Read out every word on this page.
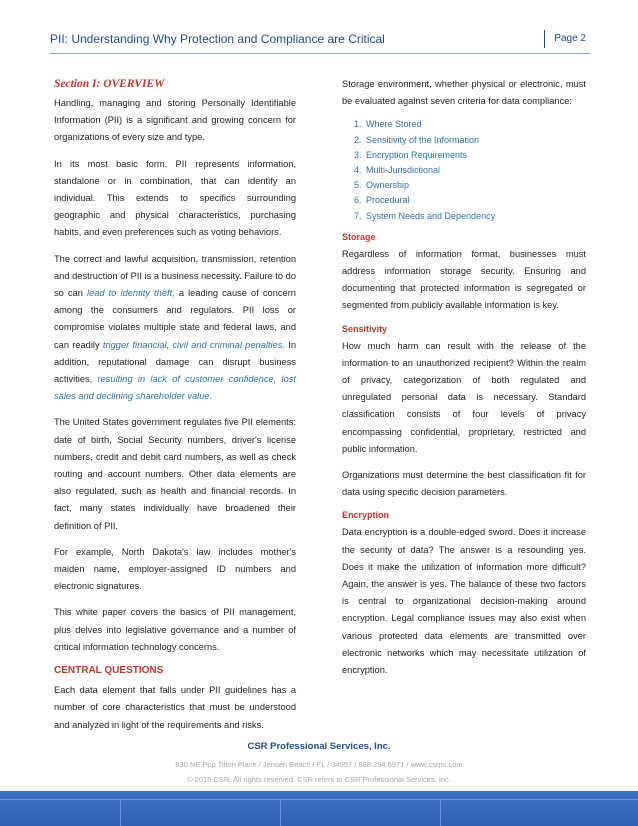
PII: Understanding Why Protection and Compliance are Critical	Page 2
Section I: OVERVIEW

Handling, managing and storing Personally Identifiable Information (PII) is a significant and growing concern for organizations of every size and type.

In its most basic form, PII represents information, standalone or in combination, that can identify an individual. This extends to specifics surrounding geographic and physical characteristics, purchasing habits, and even preferences such as voting behaviors.

The correct and lawful acquisition, transmission, retention and destruction of PII is a business necessity. Failure to do so can lead to identity theft, a leading cause of concern among the consumers and regulators. PII loss or compromise violates multiple state and federal laws, and can readily trigger financial, civil and criminal penalties. In addition, reputational damage can disrupt business activities, resulting in lack of customer confidence, lost sales and declining shareholder value.

The United States government regulates five PII elements: date of birth, Social Security numbers, driver's license numbers, credit and debit card numbers, as well as check routing and account numbers. Other data elements are also regulated, such as health and financial records. In fact, many states individually have broadened their definition of PII.

For example, North Dakota's law includes mother's maiden name, employer-assigned ID numbers and electronic signatures.

This white paper covers the basics of PII management, plus delves into legislative governance and a number of critical information technology concerns.

CENTRAL QUESTIONS

Each data element that falls under PII guidelines has a number of core characteristics that must be understood and analyzed in light of the requirements and risks.

Storage environment, whether physical or electronic, must be evaluated against seven criteria for data compliance:

1. Where Stored
2. Sensitivity of the Information
3. Encryption Requirements
4. Multi-Jurisdictional
5. Ownership
6. Procedural
7. System Needs and Dependency
Storage

Regardless of information format, businesses must address information storage security. Ensuring and documenting that protected information is segregated or segmented from publicly available information is key.

Sensitivity

How much harm can result with the release of the information to an unauthorized recipient? Within the realm of privacy, categorization of both regulated and unregulated personal data is necessary. Standard classification consists of four levels of privacy encompassing confidential, proprietary, restricted and public information.

Organizations must determine the best classification fit for data using specific decision parameters.

Encryption

Data encryption is a double-edged sword. Does it increase the security of data? The answer is a resounding yes. Does it make the utilization of information more difficult? Again, the answer is yes. The balance of these two factors is central to organizational decision-making around encryption. Legal compliance issues may also exist when various protected data elements are transmitted over electronic networks which may necessitate utilization of encryption.

CSR Professional Services, Inc.
830 NE Pop Tilton Place / Jensen Beach / FL / 34957 / 888.294.6971 / www.csrps.com
© 2015 CSR. All rights reserved. CSR refers to CSR Professional Services, Inc.
